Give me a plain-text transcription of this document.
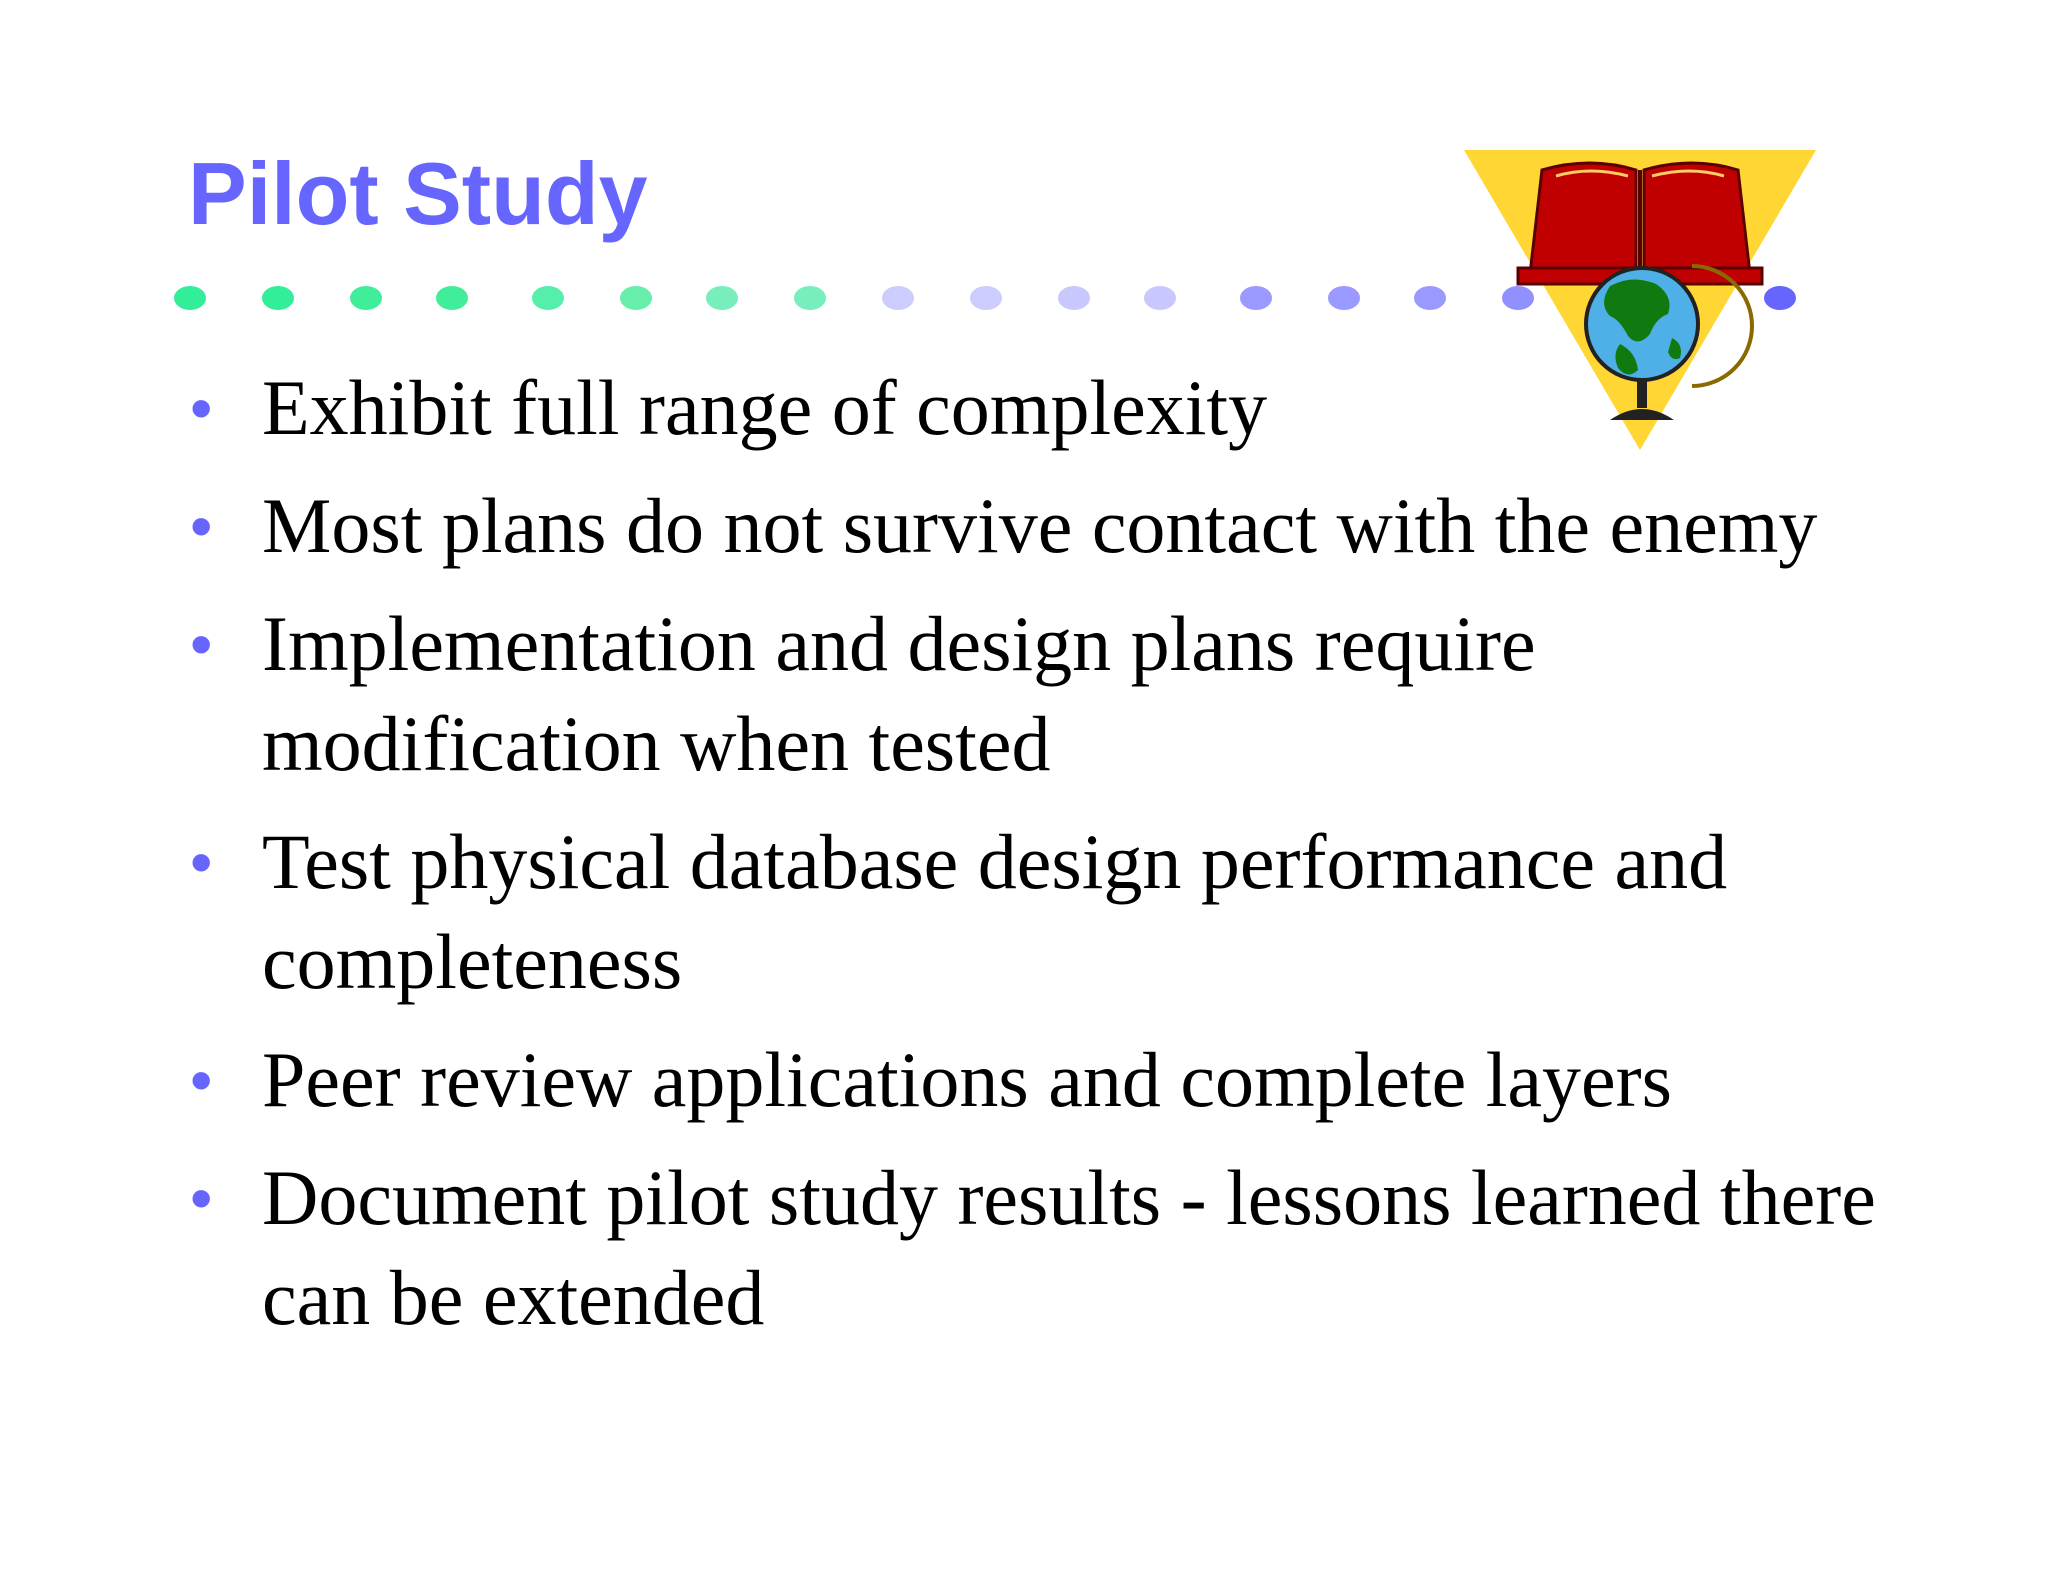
Pilot Study
• Exhibit full range of complexity
• Most plans do not survive contact with the enemy
• Implementation and design plans require modification when tested
• Test physical database design performance and completeness
• Peer review applications and complete layers
• Document pilot study results - lessons learned there can be extended
